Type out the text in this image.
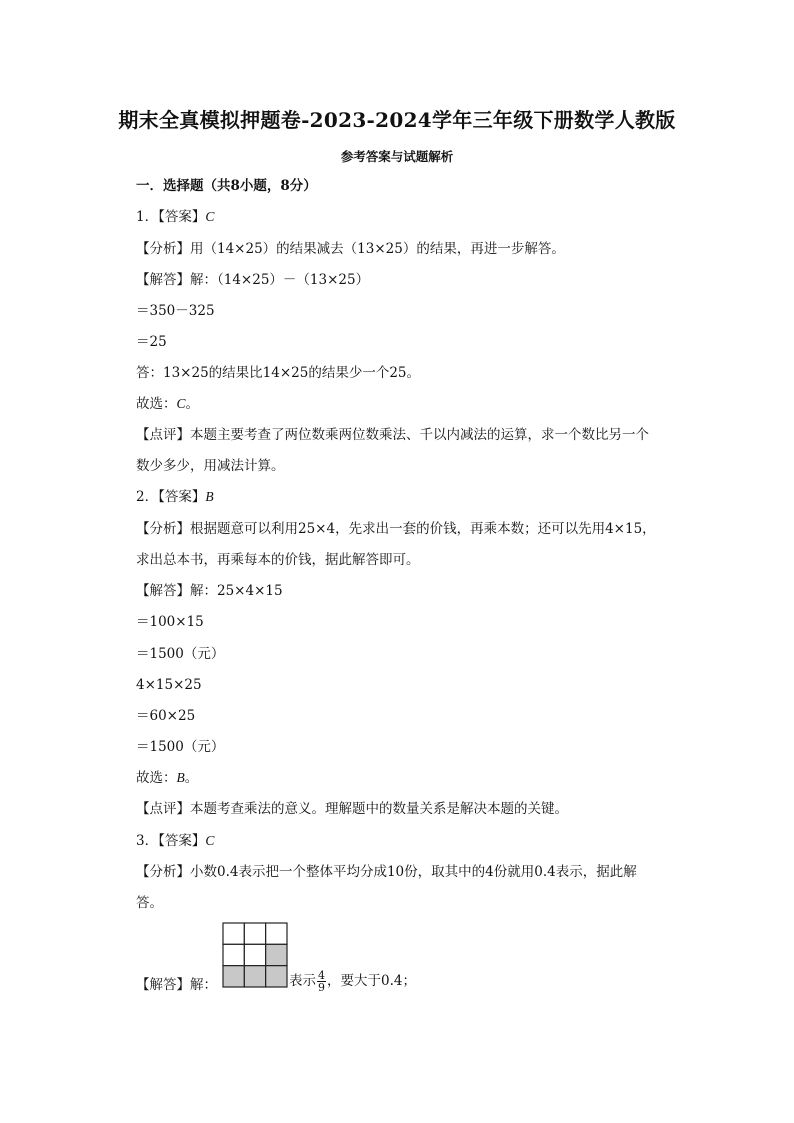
期末全真模拟押题卷-2023-2024学年三年级下册数学人教版
参考答案与试题解析
一．选择题（共8小题，8分）
1．【答案】C
【分析】用（14×25）的结果减去（13×25）的结果，再进一步解答。
【解答】解：（14×25）－（13×25）
＝350－325
＝25
答：13×25的结果比14×25的结果少一个25。
故选：C。
【点评】本题主要考查了两位数乘两位数乘法、千以内减法的运算，求一个数比另一个
数少多少，用减法计算。
2．【答案】B
【分析】根据题意可以利用25×4，先求出一套的价钱，再乘本数；还可以先用4×15，
求出总本书，再乘每本的价钱，据此解答即可。
【解答】解：25×4×15
＝100×15
＝1500（元）
4×15×25
＝60×25
＝1500（元）
故选：B。
【点评】本题考查乘法的意义。理解题中的数量关系是解决本题的关键。
3．【答案】C
【分析】小数0.4表示把一个整体平均分成10份，取其中的4份就用0.4表示，据此解
答。
【解答】解：	表示 $\frac{4}{9}$ ，要大于0.4；
